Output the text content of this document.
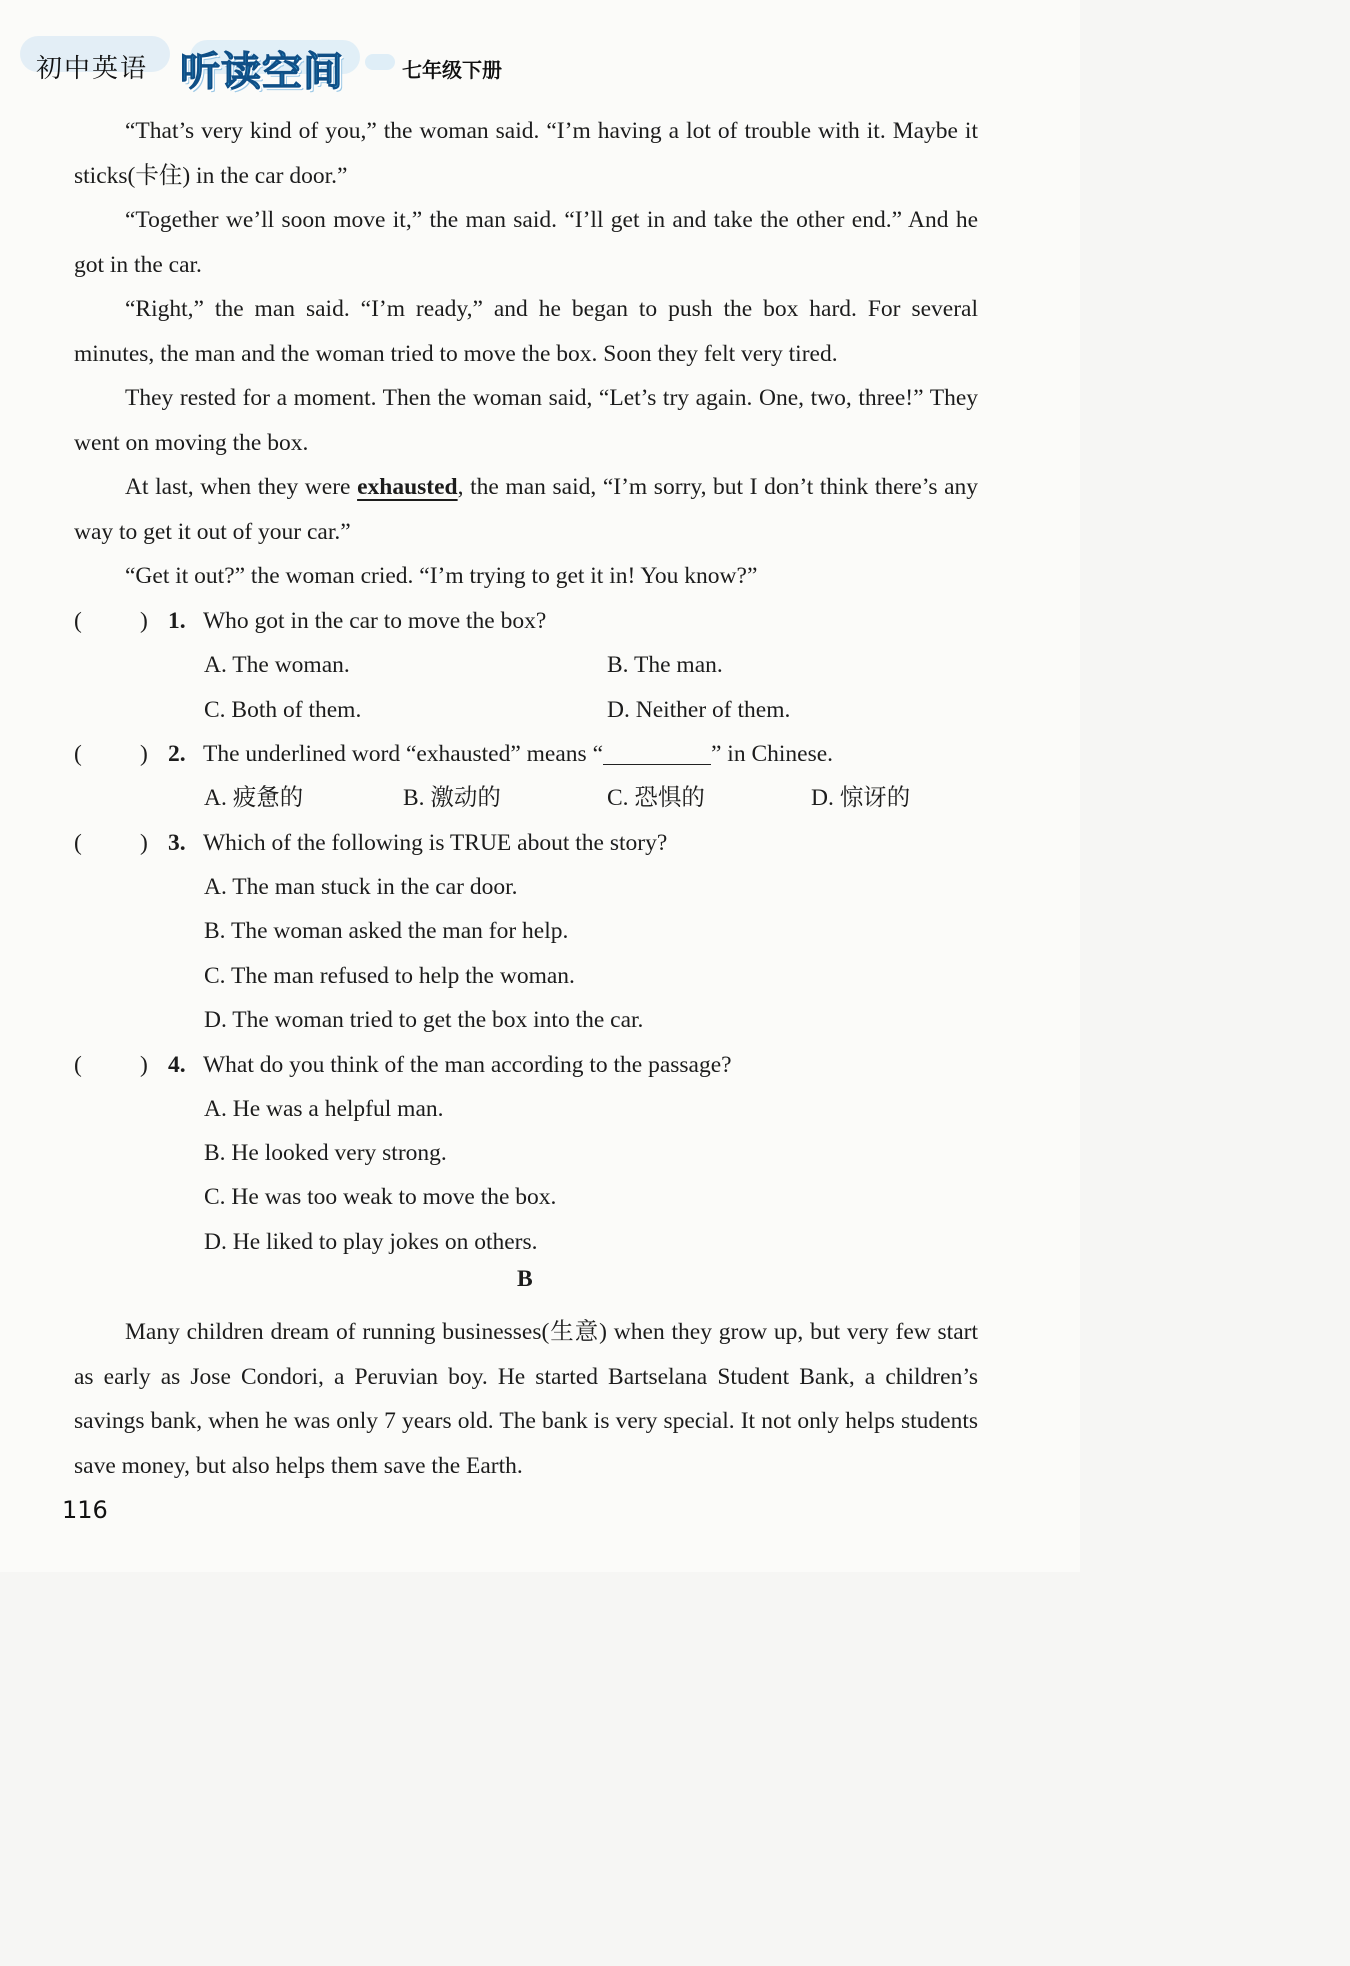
初中英语 听读空间	七年级下册

“That’s very kind of you,” the woman said. “I’m having a lot of trouble with it. Maybe it sticks(卡住) in the car door.”

“Together we’ll soon move it,” the man said. “I’ll get in and take the other end.” And he got in the car.

“Right,” the man said. “I’m ready,” and he began to push the box hard. For several minutes, the man and the woman tried to move the box. Soon they felt very tired.

They rested for a moment. Then the woman said, “Let’s try again. One, two, three!” They went on moving the box.

At last, when they were exhausted, the man said, “I’m sorry, but I don’t think there’s any way to get it out of your car.”

“Get it out?” the woman cried. “I’m trying to get it in! You know?”

( ) 1. Who got in the car to move the box?
A. The woman.	B. The man.
C. Both of them.	D. Neither of them.
( ) 2. The underlined word “exhausted” means “	” in Chinese.
A. 疲惫的	B. 激动的	C. 恐惧的	D. 惊讶的
( ) 3. Which of the following is TRUE about the story?
A. The man stuck in the car door.
B. The woman asked the man for help.
C. The man refused to help the woman.
D. The woman tried to get the box into the car.
( ) 4. What do you think of the man according to the passage?
A. He was a helpful man.
B. He looked very strong.
C. He was too weak to move the box.
D. He liked to play jokes on others.
B

Many children dream of running businesses(生意) when they grow up, but very few start as early as Jose Condori, a Peruvian boy. He started Bartselana Student Bank, a children’s savings bank, when he was only 7 years old. The bank is very special. It not only helps students save money, but also helps them save the Earth.

116
